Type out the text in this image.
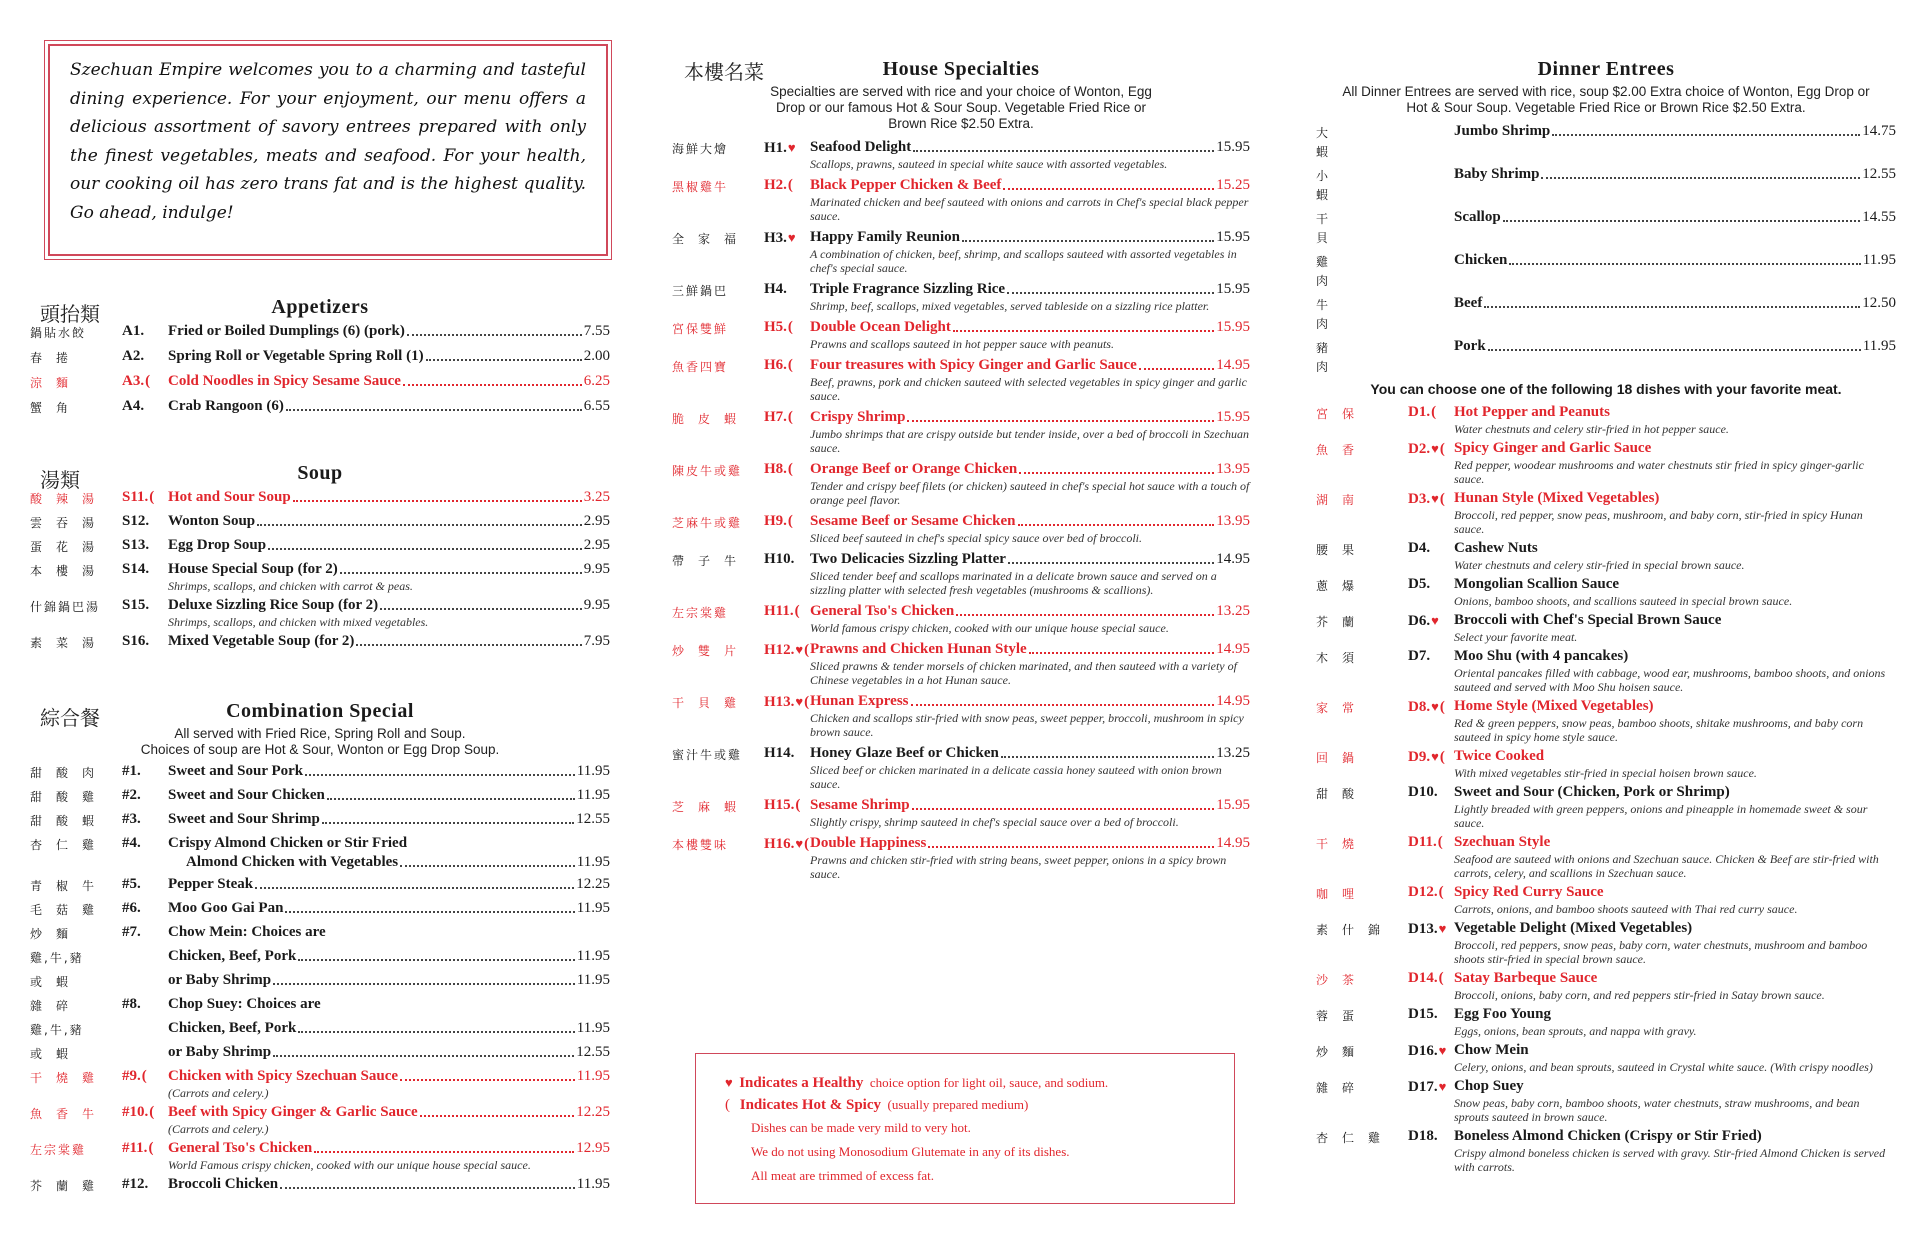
Szechuan Empire welcomes you to a charming and tasteful dining experience. For your enjoyment, our menu offers a delicious assortment of savory entrees prepared with only the finest vegetables, meats and seafood. For your health, our cooking oil has zero trans fat and is the highest quality. Go ahead, indulge!

頭抬類	Appetizers
鍋貼水餃	A1.	Fried or Boiled Dumplings (6) (pork)	7.55
春捲	A2.	Spring Roll or Vegetable Spring Roll (1)	2.00
涼麵	A3.(	Cold Noodles in Spicy Sesame Sauce	6.25
蟹角	A4.	Crab Rangoon (6)	6.55
湯類	Soup
酸辣湯 S11.( Hot and Sour Soup	3.25
雲吞湯 S12.	Wonton Soup	2.95
蛋花湯 S13.	Egg Drop Soup	2.95
本樓湯 S14.	House Special Soup (for 2)	9.95
Shrimps, scallops, and chicken with carrot & peas.
什錦鍋巴湯	S15.	Deluxe Sizzling Rice Soup (for 2)	9.95
Shrimps, scallops, and chicken with mixed vegetables.
素菜湯 S16.	Mixed Vegetable Soup (for 2)	7.95
綜合餐	Combination Special
All served with Fried Rice, Spring Roll and Soup.
Choices of soup are Hot & Sour, Wonton or Egg Drop Soup.
甜酸肉 #1.	Sweet and Sour Pork	11.95
甜酸雞 #2.	Sweet and Sour Chicken	11.95
甜酸蝦 #3.	Sweet and Sour Shrimp	12.55
杏仁雞 #4.	Crispy Almond Chicken or Stir Fried
Almond Chicken with Vegetables	11.95
青椒牛 #5.	Pepper Steak	12.25
毛菇雞 #6.	Moo Goo Gai Pan	11.95
炒麵	#7.	Chow Mein: Choices are
雞,牛,豬	Chicken, Beef, Pork	11.95
或蝦	or Baby Shrimp	11.95
雜碎	#8.	Chop Suey: Choices are
雞,牛,豬	Chicken, Beef, Pork	11.95
或蝦	or Baby Shrimp	12.55
干燒雞 #9.(	Chicken with Spicy Szechuan Sauce	11.95
(Carrots and celery.)
魚香牛 #10.( Beef with Spicy Ginger & Garlic Sauce	12.25
(Carrots and celery.)
左宗棠雞	#11.( General Tso's Chicken	12.95
World Famous crispy chicken, cooked with our unique house special sauce.
芥蘭雞 #12.	Broccoli Chicken	11.95
本樓名菜	House Specialties
Specialties are served with rice and your choice of Wonton, Egg Drop or our famous Hot & Sour Soup. Vegetable Fried Rice or Brown Rice $2.50 Extra.
海鮮大燴	H1.♥ Seafood Delight	15.95
Scallops, prawns, sauteed in special white sauce with assorted vegetables.
黑椒雞牛	H2.(	Black Pepper Chicken & Beef	15.25
Marinated chicken and beef sauteed with onions and carrots in Chef's special black pepper sauce.
全家福 H3.♥ Happy Family Reunion	15.95
A combination of chicken, beef, shrimp, and scallops sauteed with assorted vegetables in chef's special sauce.
三鮮鍋巴	H4.	Triple Fragrance Sizzling Rice	15.95
Shrimp, beef, scallops, mixed vegetables, served tableside on a sizzling rice platter.
宮保雙鮮	H5.(	Double Ocean Delight	15.95
Prawns and scallops sauteed in hot pepper sauce with peanuts.
魚香四寶	H6.(	Four treasures with Spicy Ginger and Garlic Sauce	14.95
Beef, prawns, pork and chicken sauteed with selected vegetables in spicy ginger and garlic sauce.
脆皮蝦 H7.(	Crispy Shrimp	15.95
Jumbo shrimps that are crispy outside but tender inside, over a bed of broccoli in Szechuan sauce.
陳皮牛或雞	H8.(	Orange Beef or Orange Chicken	13.95
Tender and crispy beef filets (or chicken) sauteed in chef's special hot sauce with a touch of orange peel flavor.
芝麻牛或雞	H9.(	Sesame Beef or Sesame Chicken	13.95
Sliced beef sauteed in chef's special spicy sauce over bed of broccoli.
帶子牛 H10.	Two Delicacies Sizzling Platter	14.95
Sliced tender beef and scallops marinated in a delicate brown sauce and served on a sizzling platter with selected fresh vegetables (mushrooms & scallions).
左宗棠雞	H11.( General Tso's Chicken	13.25
World famous crispy chicken, cooked with our unique house special sauce.
炒雙片 H12.♥( Prawns and Chicken Hunan Style	14.95
Sliced prawns & tender morsels of chicken marinated, and then sauteed with a variety of Chinese vegetables in a hot Hunan sauce.
干貝雞 H13.♥( Hunan Express	14.95
Chicken and scallops stir-fried with snow peas, sweet pepper, broccoli, mushroom in spicy brown sauce.
蜜汁牛或雞	H14.	Honey Glaze Beef or Chicken	13.25
Sliced beef or chicken marinated in a delicate cassia honey sauteed with onion brown sauce.
芝麻蝦 H15.( Sesame Shrimp	15.95
Slightly crispy, shrimp sauteed in chef's special sauce over a bed of broccoli.
本樓雙味	H16.♥( Double Happiness	14.95
Prawns and chicken stir-fried with string beans, sweet pepper, onions in a spicy brown sauce.
♥ Indicates a Healthy choice option for light oil, sauce, and sodium.
( Indicates Hot & Spicy (usually prepared medium)
Dishes can be made very mild to very hot.
We do not using Monosodium Glutemate in any of its dishes.
All meat are trimmed of excess fat.
Dinner Entrees
All Dinner Entrees are served with rice, soup $2.00 Extra choice of Wonton, Egg Drop or Hot & Sour Soup. Vegetable Fried Rice or Brown Rice $2.50 Extra.
大蝦
Jumbo Shrimp	14.75
小蝦
Baby Shrimp	12.55
干貝
Scallop	14.55
雞肉
Chicken	11.95
牛肉
Beef	12.50
豬肉
Pork	11.95
You can choose one of the following 18 dishes with your favorite meat.
宮保	D1.(	Hot Pepper and Peanuts
Water chestnuts and celery stir-fried in hot pepper sauce.
魚香	D2.♥( Spicy Ginger and Garlic Sauce
Red pepper, woodear mushrooms and water chestnuts stir fried in spicy ginger-garlic sauce.
湖南	D3.♥( Hunan Style (Mixed Vegetables)
Broccoli, red pepper, snow peas, mushroom, and baby corn, stir-fried in spicy Hunan sauce.
腰果	D4.	Cashew Nuts
Water chestnuts and celery stir-fried in special brown sauce.
蔥爆	D5.	Mongolian Scallion Sauce
Onions, bamboo shoots, and scallions sauteed in special brown sauce.
芥蘭	D6.♥	Broccoli with Chef's Special Brown Sauce
Select your favorite meat.
木須	D7.	Moo Shu (with 4 pancakes)
Oriental pancakes filled with cabbage, wood ear, mushrooms, bamboo shoots, and onions sauteed and served with Moo Shu hoisen sauce.
家常	D8.♥( Home Style (Mixed Vegetables)
Red & green peppers, snow peas, bamboo shoots, shitake mushrooms, and baby corn sauteed in spicy home style sauce.
回鍋	D9.♥( Twice Cooked
With mixed vegetables stir-fried in special hoisen brown sauce.
甜酸	D10.	Sweet and Sour (Chicken, Pork or Shrimp)
Lightly breaded with green peppers, onions and pineapple in homemade sweet & sour sauce.
干燒	D11.( Szechuan Style
Seafood are sauteed with onions and Szechuan sauce. Chicken & Beef are stir-fried with carrots, celery, and scallions in Szechuan sauce.
咖哩	D12.( Spicy Red Curry Sauce
Carrots, onions, and bamboo shoots sauteed with Thai red curry sauce.
素什錦 D13.♥ Vegetable Delight (Mixed Vegetables)
Broccoli, red peppers, snow peas, baby corn, water chestnuts, mushroom and bamboo shoots stir-fried in special brown sauce.
沙茶	D14.( Satay Barbeque Sauce
Broccoli, onions, baby corn, and red peppers stir-fried in Satay brown sauce.
蓉蛋	D15.	Egg Foo Young
Eggs, onions, bean sprouts, and nappa with gravy.
炒麵	D16.♥ Chow Mein
Celery, onions, and bean sprouts, sauteed in Crystal white sauce. (With crispy noodles)
雜碎	D17.♥ Chop Suey
Snow peas, baby corn, bamboo shoots, water chestnuts, straw mushrooms, and bean sprouts sauteed in brown sauce.
杏仁雞 D18.	Boneless Almond Chicken (Crispy or Stir Fried)
Crispy almond boneless chicken is served with gravy. Stir-fried Almond Chicken is served with carrots.
